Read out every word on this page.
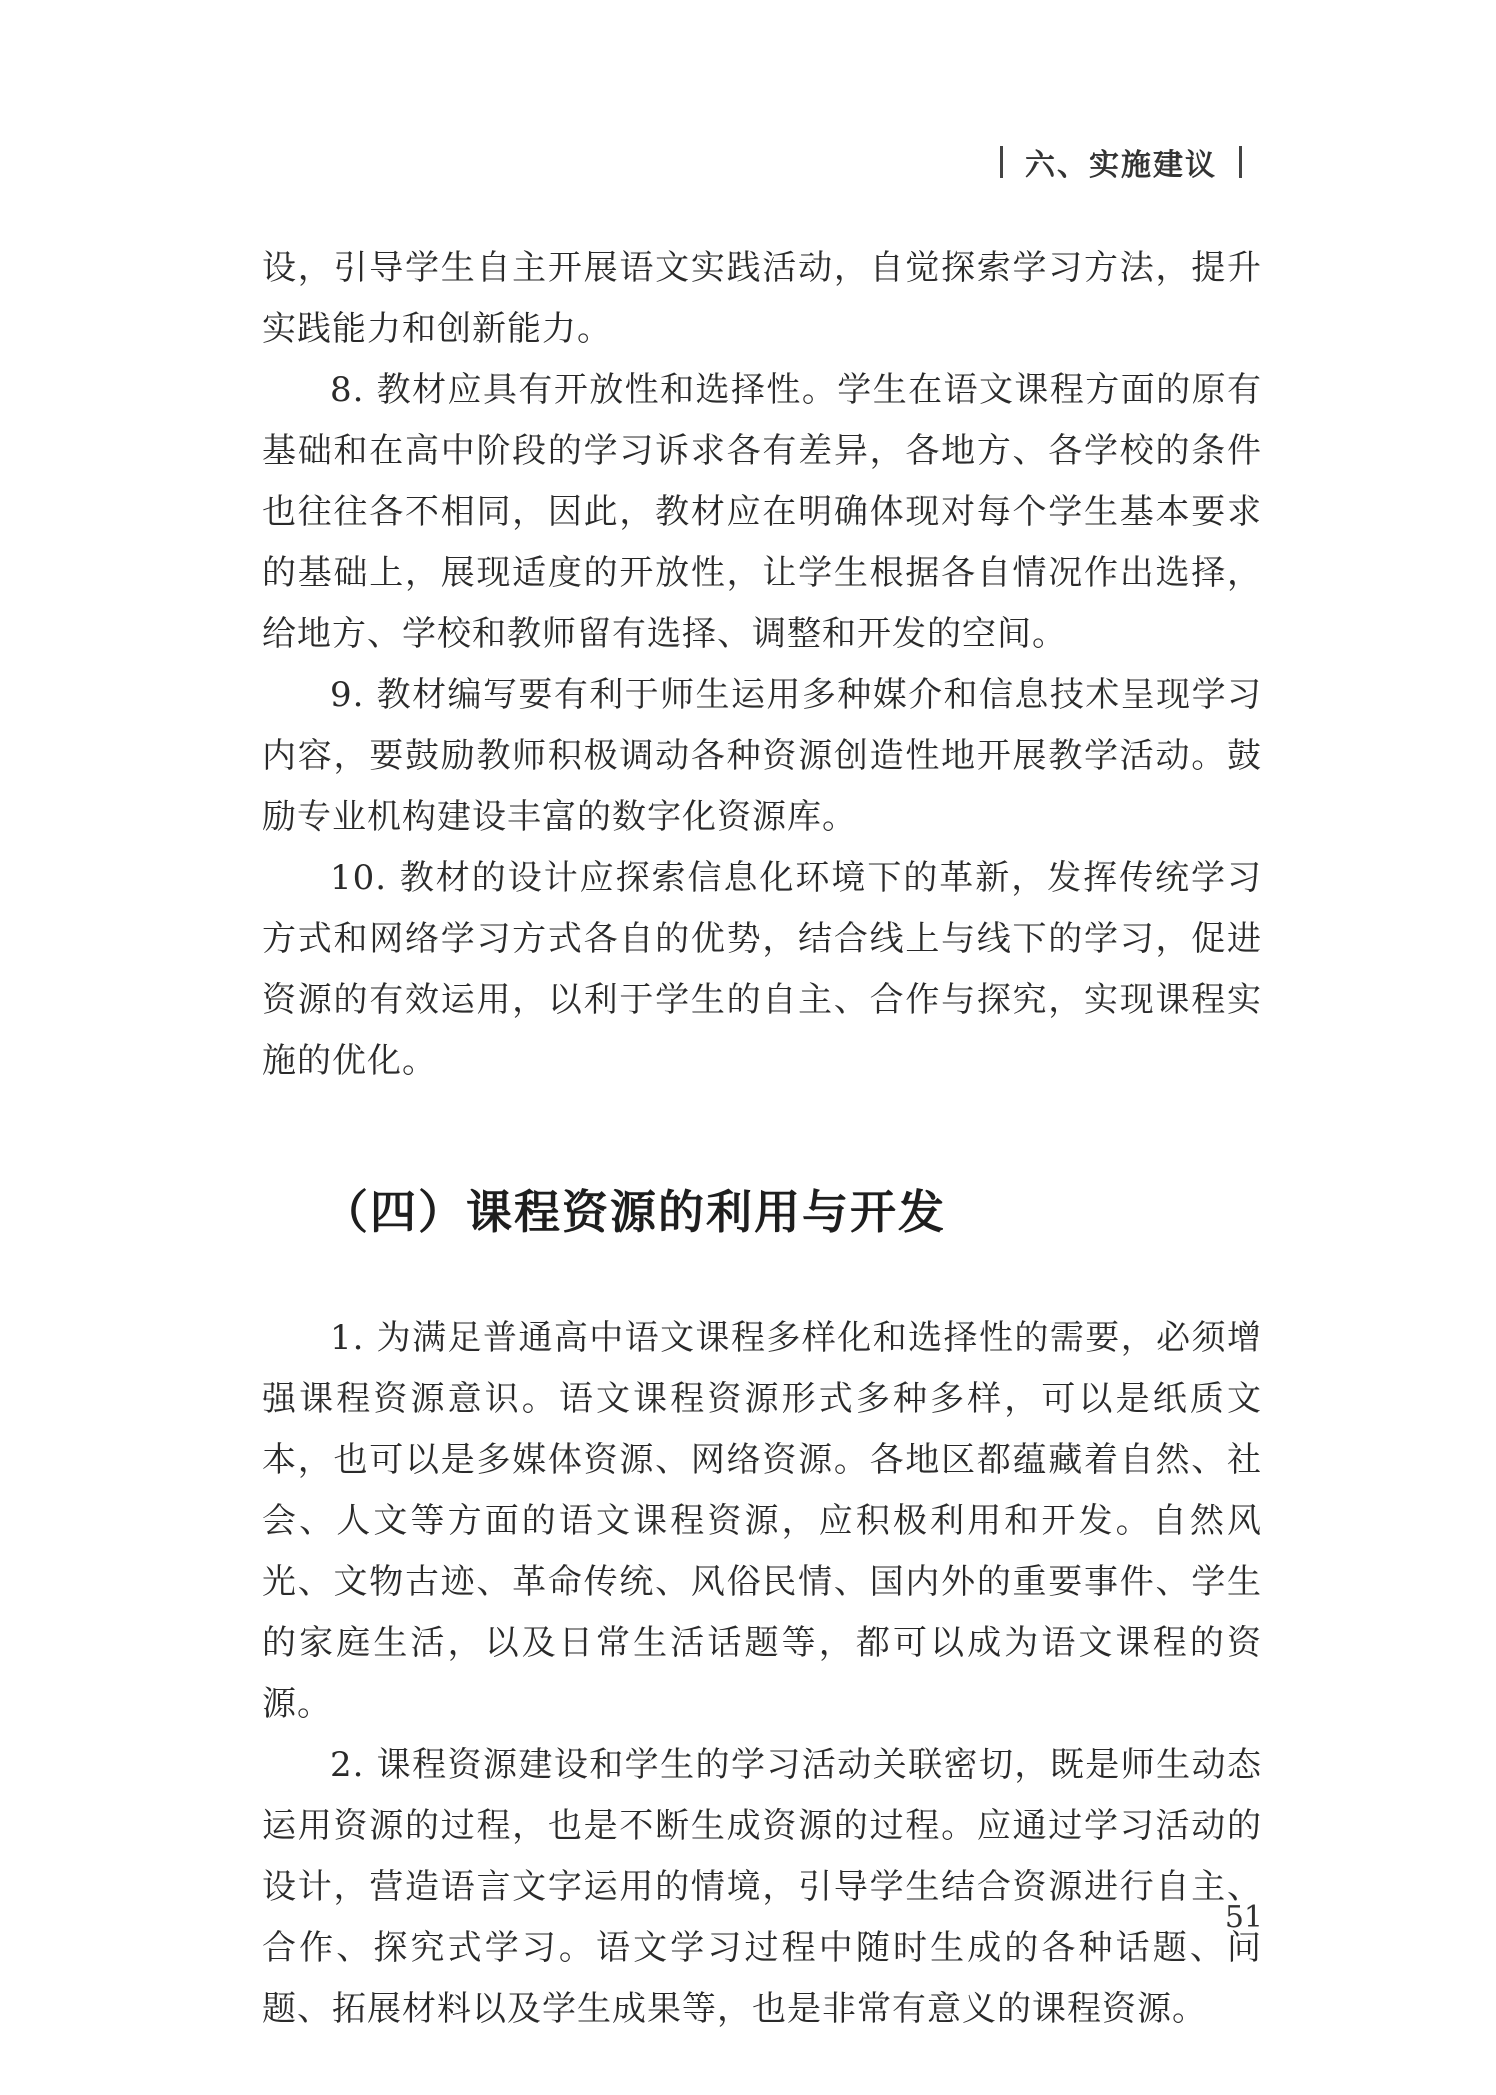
六、实施建议

设，引导学生自主开展语文实践活动，自觉探索学习方法，提升实践能力和创新能力。

8. 教材应具有开放性和选择性。学生在语文课程方面的原有基础和在高中阶段的学习诉求各有差异，各地方、各学校的条件也往往各不相同，因此，教材应在明确体现对每个学生基本要求的基础上，展现适度的开放性，让学生根据各自情况作出选择，给地方、学校和教师留有选择、调整和开发的空间。

9. 教材编写要有利于师生运用多种媒介和信息技术呈现学习内容，要鼓励教师积极调动各种资源创造性地开展教学活动。鼓励专业机构建设丰富的数字化资源库。

10. 教材的设计应探索信息化环境下的革新，发挥传统学习方式和网络学习方式各自的优势，结合线上与线下的学习，促进资源的有效运用，以利于学生的自主、合作与探究，实现课程实施的优化。

（四）课程资源的利用与开发

1. 为满足普通高中语文课程多样化和选择性的需要，必须增强课程资源意识。语文课程资源形式多种多样，可以是纸质文本，也可以是多媒体资源、网络资源。各地区都蕴藏着自然、社会、人文等方面的语文课程资源，应积极利用和开发。自然风光、文物古迹、革命传统、风俗民情、国内外的重要事件、学生的家庭生活，以及日常生活话题等，都可以成为语文课程的资源。

2. 课程资源建设和学生的学习活动关联密切，既是师生动态运用资源的过程，也是不断生成资源的过程。应通过学习活动的设计，营造语言文字运用的情境，引导学生结合资源进行自主、合作、探究式学习。语文学习过程中随时生成的各种话题、问题、拓展材料以及学生成果等，也是非常有意义的课程资源。

51
